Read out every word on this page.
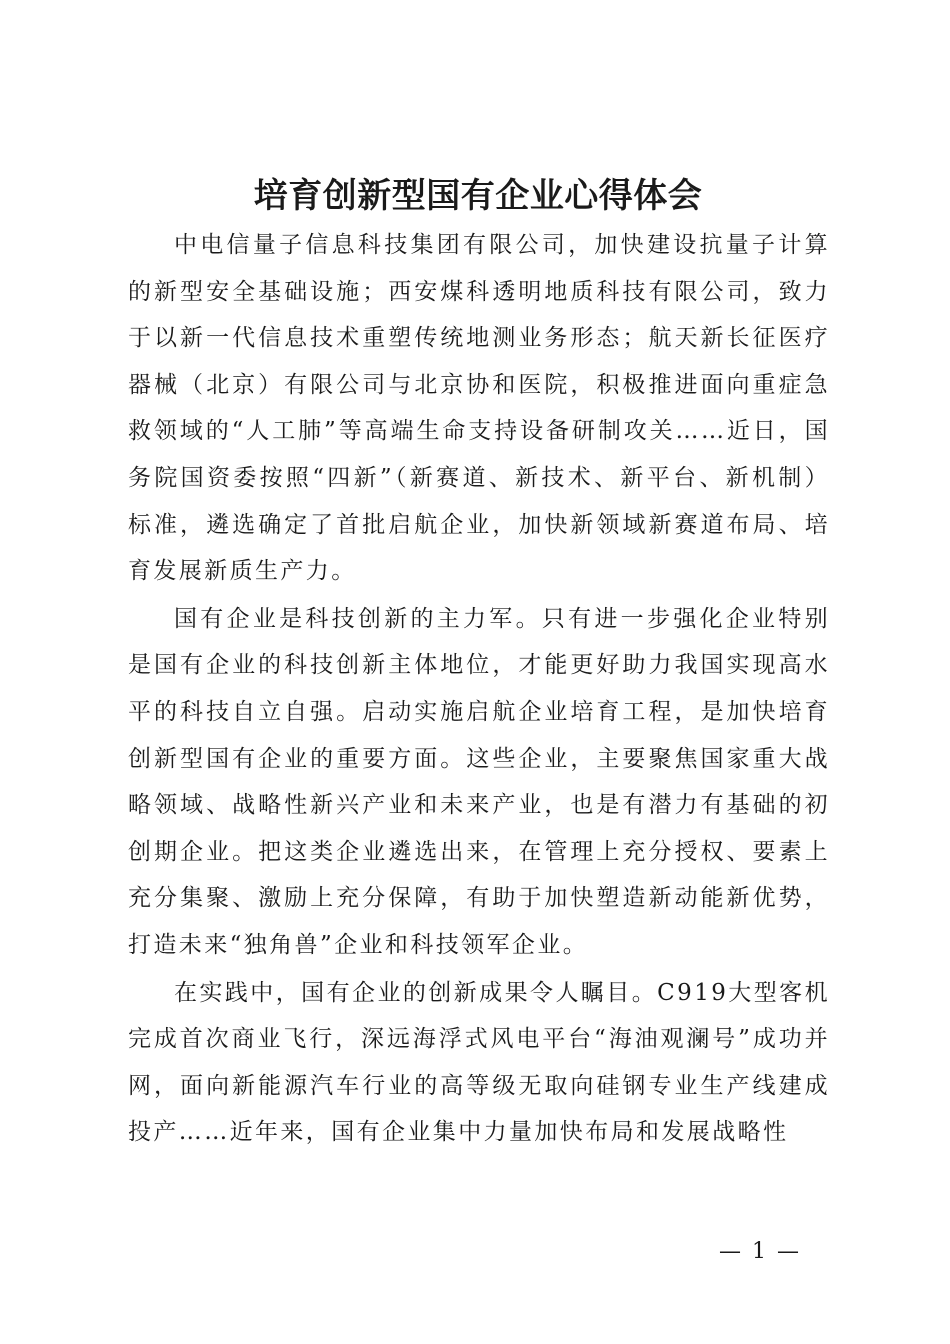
培育创新型国有企业心得体会

中电信量子信息科技集团有限公司，加快建设抗量子计算的新型安全基础设施；西安煤科透明地质科技有限公司，致力于以新一代信息技术重塑传统地测业务形态；航天新长征医疗器械（北京）有限公司与北京协和医院，积极推进面向重症急救领域的“人工肺”等高端生命支持设备研制攻关……近日，国务院国资委按照“四新”（新赛道、新技术、新平台、新机制）标准，遴选确定了首批启航企业，加快新领域新赛道布局、培育发展新质生产力。

国有企业是科技创新的主力军。只有进一步强化企业特别是国有企业的科技创新主体地位，才能更好助力我国实现高水平的科技自立自强。启动实施启航企业培育工程，是加快培育创新型国有企业的重要方面。这些企业，主要聚焦国家重大战略领域、战略性新兴产业和未来产业，也是有潜力有基础的初创期企业。把这类企业遴选出来，在管理上充分授权、要素上充分集聚、激励上充分保障，有助于加快塑造新动能新优势，打造未来“独角兽”企业和科技领军企业。

在实践中，国有企业的创新成果令人瞩目。C919大型客机完成首次商业飞行，深远海浮式风电平台“海油观澜号”成功并网，面向新能源汽车行业的高等级无取向硅钢专业生产线建成投产……近年来，国有企业集中力量加快布局和发展战略性

— 1 —
